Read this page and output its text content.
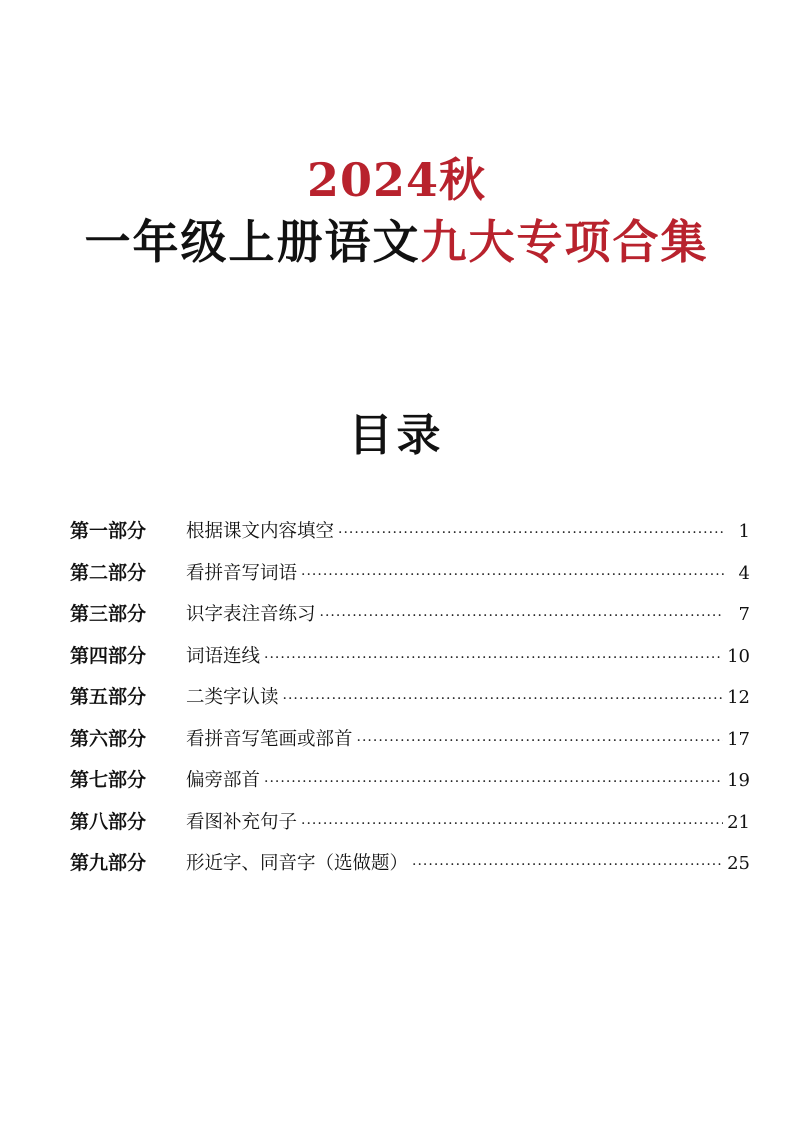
2024秋
一年级上册语文九大专项合集
目录
第一部分	根据课文内容填空 ·····	1
第二部分	看拼音写词语 ·····	4
第三部分	识字表注音练习 ·····	7
第四部分	词语连线 ·····	10
第五部分	二类字认读 ·····	12
第六部分	看拼音写笔画或部首 ·····	17
第七部分	偏旁部首 ·····	19
第八部分	看图补充句子 ·····	21
第九部分	形近字、同音字（选做题） ·····	25
